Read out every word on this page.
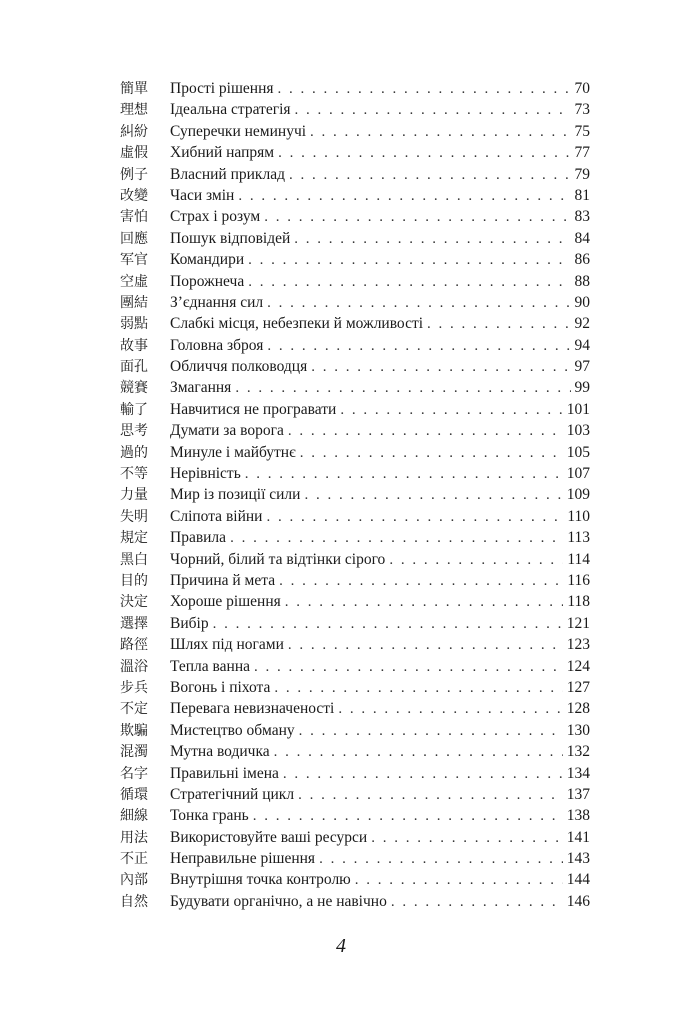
簡單	Прості рішення . . .	70
理想	Ідеальна стратегія . . .	73
糾紛	Суперечки неминучі . . .	75
虛假	Хибний напрям . . .	77
例子	Власний приклад . . .	79
改變	Часи змін . . .	81
害怕	Страх і розум . . .	83
回應	Пошук відповідей . . .	84
军官	Командири . . .	86
空虛	Порожнеча . . .	88
團結	З’єднання сил . . .	90
弱點	Слабкі місця, небезпеки й можливості . . .	92
故事	Головна зброя . . .	94
面孔	Обличчя полководця . . .	97
競賽	Змагання . . .	99
輸了	Навчитися не програвати . . .	101
思考	Думати за ворога . . .	103
過的	Минуле і майбутнє . . .	105
不等	Нерівність . . .	107
力量	Мир із позиції сили . . .	109
失明	Сліпота війни . . .	110
規定	Правила . . .	113
黑白	Чорний, білий та відтінки сірого . . .	114
目的	Причина й мета . . .	116
決定	Хороше рішення . . .	118
選擇	Вибір . . .	121
路徑	Шлях під ногами . . .	123
溫浴	Тепла ванна . . .	124
步兵	Вогонь і піхота . . .	127
不定	Перевага невизначеності . . .	128
欺騙	Мистецтво обману . . .	130
混濁	Мутна водичка . . .	132
名字	Правильні імена . . .	134
循環	Стратегічний цикл . . .	137
細線	Тонка грань . . .	138
用法	Використовуйте ваші ресурси . . .	141
不正	Неправильне рішення . . .	143
內部	Внутрішня точка контролю . . .	144
自然	Будувати органічно, а не навічно . . .	146
4
